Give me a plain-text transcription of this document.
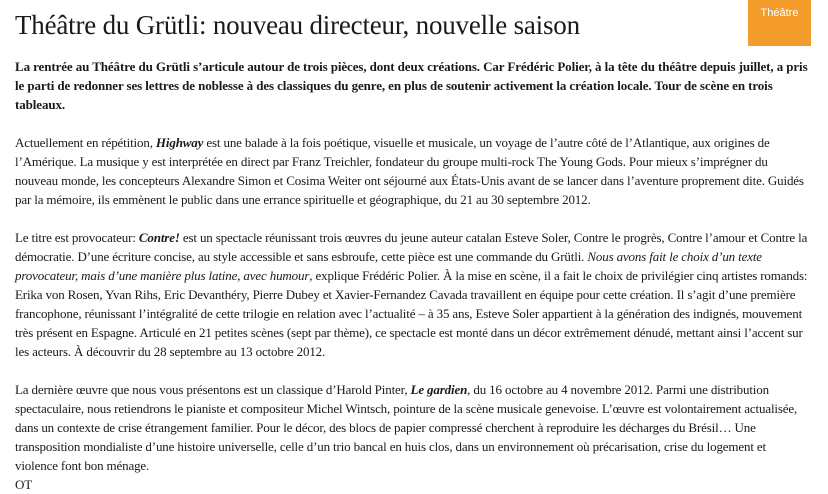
Théâtre
Théâtre du Grütli: nouveau directeur, nouvelle saison

La rentrée au Théâtre du Grütli s’articule autour de trois pièces, dont deux créations. Car Frédéric Polier, à la tête du théâtre depuis juillet, a pris le parti de redonner ses lettres de noblesse à des classiques du genre, en plus de soutenir activement la création locale. Tour de scène en trois tableaux.

Actuellement en répétition, Highway est une balade à la fois poétique, visuelle et musicale, un voyage de l’autre côté de l’Atlantique, aux origines de l’Amérique. La musique y est interprétée en direct par Franz Treichler, fondateur du groupe multi-rock The Young Gods. Pour mieux s’imprégner du nouveau monde, les concepteurs Alexandre Simon et Cosima Weiter ont séjourné aux États-Unis avant de se lancer dans l’aventure proprement dite. Guidés par la mémoire, ils emmènent le public dans une errance spirituelle et géographique, du 21 au 30 septembre 2012.

Le titre est provocateur: Contre! est un spectacle réunissant trois œuvres du jeune auteur catalan Esteve Soler, Contre le progrès, Contre l’amour et Contre la démocratie. D’une écriture concise, au style accessible et sans esbroufe, cette pièce est une commande du Grütli. Nous avons fait le choix d’un texte provocateur, mais d’une manière plus latine, avec humour, explique Frédéric Polier. À la mise en scène, il a fait le choix de privilégier cinq artistes romands: Erika von Rosen, Yvan Rihs, Eric Devanthéry, Pierre Dubey et Xavier-Fernandez Cavada travaillent en équipe pour cette création. Il s’agit d’une première francophone, réunissant l’intégralité de cette trilogie en relation avec l’actualité – à 35 ans, Esteve Soler appartient à la génération des indignés, mouvement très présent en Espagne. Articulé en 21 petites scènes (sept par thème), ce spectacle est monté dans un décor extrêmement dénudé, mettant ainsi l’accent sur les acteurs. À découvrir du 28 septembre au 13 octobre 2012.

La dernière œuvre que nous vous présentons est un classique d’Harold Pinter, Le gardien, du 16 octobre au 4 novembre 2012. Parmi une distribution spectaculaire, nous retiendrons le pianiste et compositeur Michel Wintsch, pointure de la scène musicale genevoise. L’œuvre est volontairement actualisée, dans un contexte de crise étrangement familier. Pour le décor, des blocs de papier compressé cherchent à reproduire les décharges du Brésil… Une transposition mondialiste d’une histoire universelle, celle d’un trio bancal en huis clos, dans un environnement où précarisation, crise du logement et violence font bon ménage.
OT
